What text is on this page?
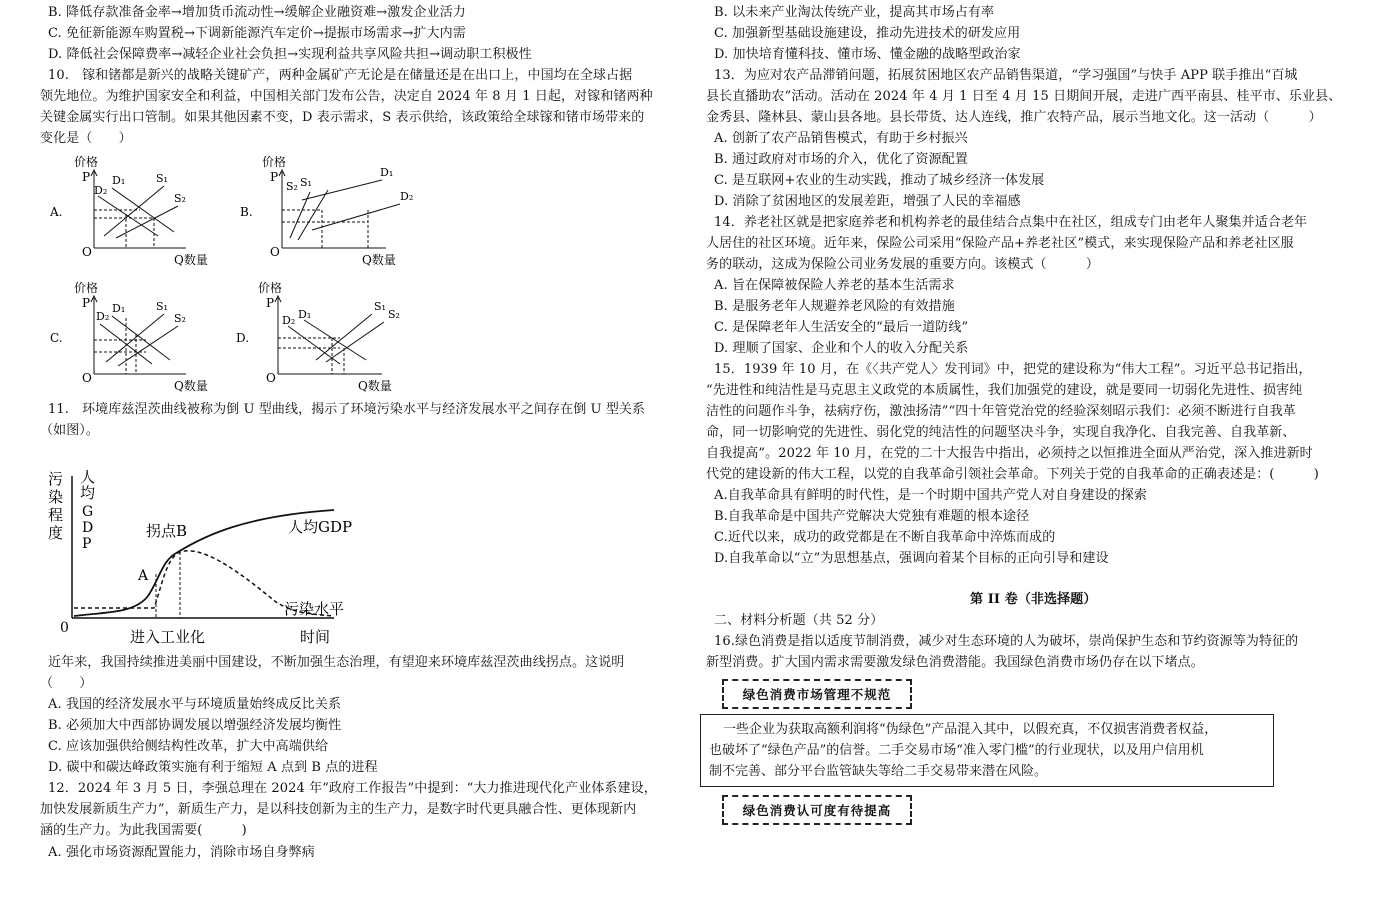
B. 降低存款准备金率→增加货币流动性→缓解企业融资难→激发企业活力
C. 免征新能源车购置税→下调新能源汽车定价→提振市场需求→扩大内需
D. 降低社会保障费率→减轻企业社会负担→实现利益共享风险共担→调动职工积极性
10.　镓和锗都是新兴的战略关键矿产，两种金属矿产无论是在储量还是在出口上，中国均在全球占据
领先地位。为维护国家安全和利益，中国相关部门发布公告，决定自 2024 年 8 月 1 日起，对镓和锗两种
关键金属实行出口管制。如果其他因素不变，D 表示需求，S 表示供给，该政策给全球镓和锗市场带来的
变化是（　　）
A.
价格
P
O
Q数量
D₂
D₁	S₁
S₂
B.
价格
P
O
Q数量
S₂ S₁
D₁
D₂
C.
价格
P
O
Q数量
D₂
D₁	S₁
S₂
D.
价格
P
O
Q数量
D₂ D₁
S₁
S₂
11.　环境库兹涅茨曲线被称为倒 U 型曲线，揭示了环境污染水平与经济发展水平之间存在倒 U 型关系
（如图）。
污
染
程
度
人
均
G
D
P
0
拐点B
A
人均GDP
污染水平
进入工业化	时间
近年来，我国持续推进美丽中国建设，不断加强生态治理，有望迎来环境库兹涅茨曲线拐点。这说明
（　　）
A. 我国的经济发展水平与环境质量始终成反比关系
B. 必须加大中西部协调发展以增强经济发展均衡性
C. 应该加强供给侧结构性改革，扩大中高端供给
D. 碳中和碳达峰政策实施有利于缩短 A 点到 B 点的进程
12．2024 年 3 月 5 日，李强总理在 2024 年“政府工作报告”中提到：“大力推进现代化产业体系建设，
加快发展新质生产力”，新质生产力，是以科技创新为主的生产力，是数字时代更具融合性、更体现新内
涵的生产力。为此我国需要(　　　)
A. 强化市场资源配置能力，消除市场自身弊病
B. 以未来产业淘汰传统产业，提高其市场占有率
C. 加强新型基础设施建设，推动先进技术的研发应用
D. 加快培育懂科技、懂市场、懂金融的战略型政治家
13．为应对农产品滞销问题，拓展贫困地区农产品销售渠道，“学习强国”与快手 APP 联手推出“百城
县长直播助农”活动。活动在 2024 年 4 月 1 日至 4 月 15 日期间开展，走进广西平南县、桂平市、乐业县、
金秀县、隆林县、蒙山县各地。县长带货、达人连线，推广农特产品，展示当地文化。这一活动（　　　）
A. 创新了农产品销售模式，有助于乡村振兴
B. 通过政府对市场的介入，优化了资源配置
C. 是互联网+农业的生动实践，推动了城乡经济一体发展
D. 消除了贫困地区的发展差距，增强了人民的幸福感
14．养老社区就是把家庭养老和机构养老的最佳结合点集中在社区，组成专门由老年人聚集并适合老年
人居住的社区环境。近年来，保险公司采用“保险产品+养老社区”模式，来实现保险产品和养老社区服
务的联动，这成为保险公司业务发展的重要方向。该模式（　　　）
A. 旨在保障被保险人养老的基本生活需求
B. 是服务老年人规避养老风险的有效措施
C. 是保障老年人生活安全的“最后一道防线”
D. 理顺了国家、企业和个人的收入分配关系
15．1939 年 10 月，在《〈共产党人〉发刊词》中，把党的建设称为“伟大工程”。习近平总书记指出，
“先进性和纯洁性是马克思主义政党的本质属性，我们加强党的建设，就是要同一切弱化先进性、损害纯
洁性的问题作斗争，祛病疗伤，激浊扬清”“四十年管党治党的经验深刻昭示我们：必须不断进行自我革
命，同一切影响党的先进性、弱化党的纯洁性的问题坚决斗争，实现自我净化、自我完善、自我革新、
自我提高”。2022 年 10 月，在党的二十大报告中指出，必须持之以恒推进全面从严治党，深入推进新时
代党的建设新的伟大工程，以党的自我革命引领社会革命。下列关于党的自我革命的正确表述是：(　　　)
A.自我革命具有鲜明的时代性，是一个时期中国共产党人对自身建设的探索
B.自我革命是中国共产党解决大党独有难题的根本途径
C.近代以来，成功的政党都是在不断自我革命中淬炼而成的
D.自我革命以“立”为思想基点，强调向着某个目标的正向引导和建设
第 II 卷（非选择题）
二、材料分析题（共 52 分）
16.绿色消费是指以适度节制消费，减少对生态环境的人为破坏，崇尚保护生态和节约资源等为特征的
新型消费。扩大国内需求需要激发绿色消费潜能。我国绿色消费市场仍存在以下堵点。
绿色消费市场管理不规范
一些企业为获取高额利润将“伪绿色”产品混入其中，以假充真，不仅损害消费者权益，
也破坏了“绿色产品”的信誉。二手交易市场“准入零门槛”的行业现状，以及用户信用机
制不完善、部分平台监管缺失等给二手交易带来潜在风险。
绿色消费认可度有待提高
